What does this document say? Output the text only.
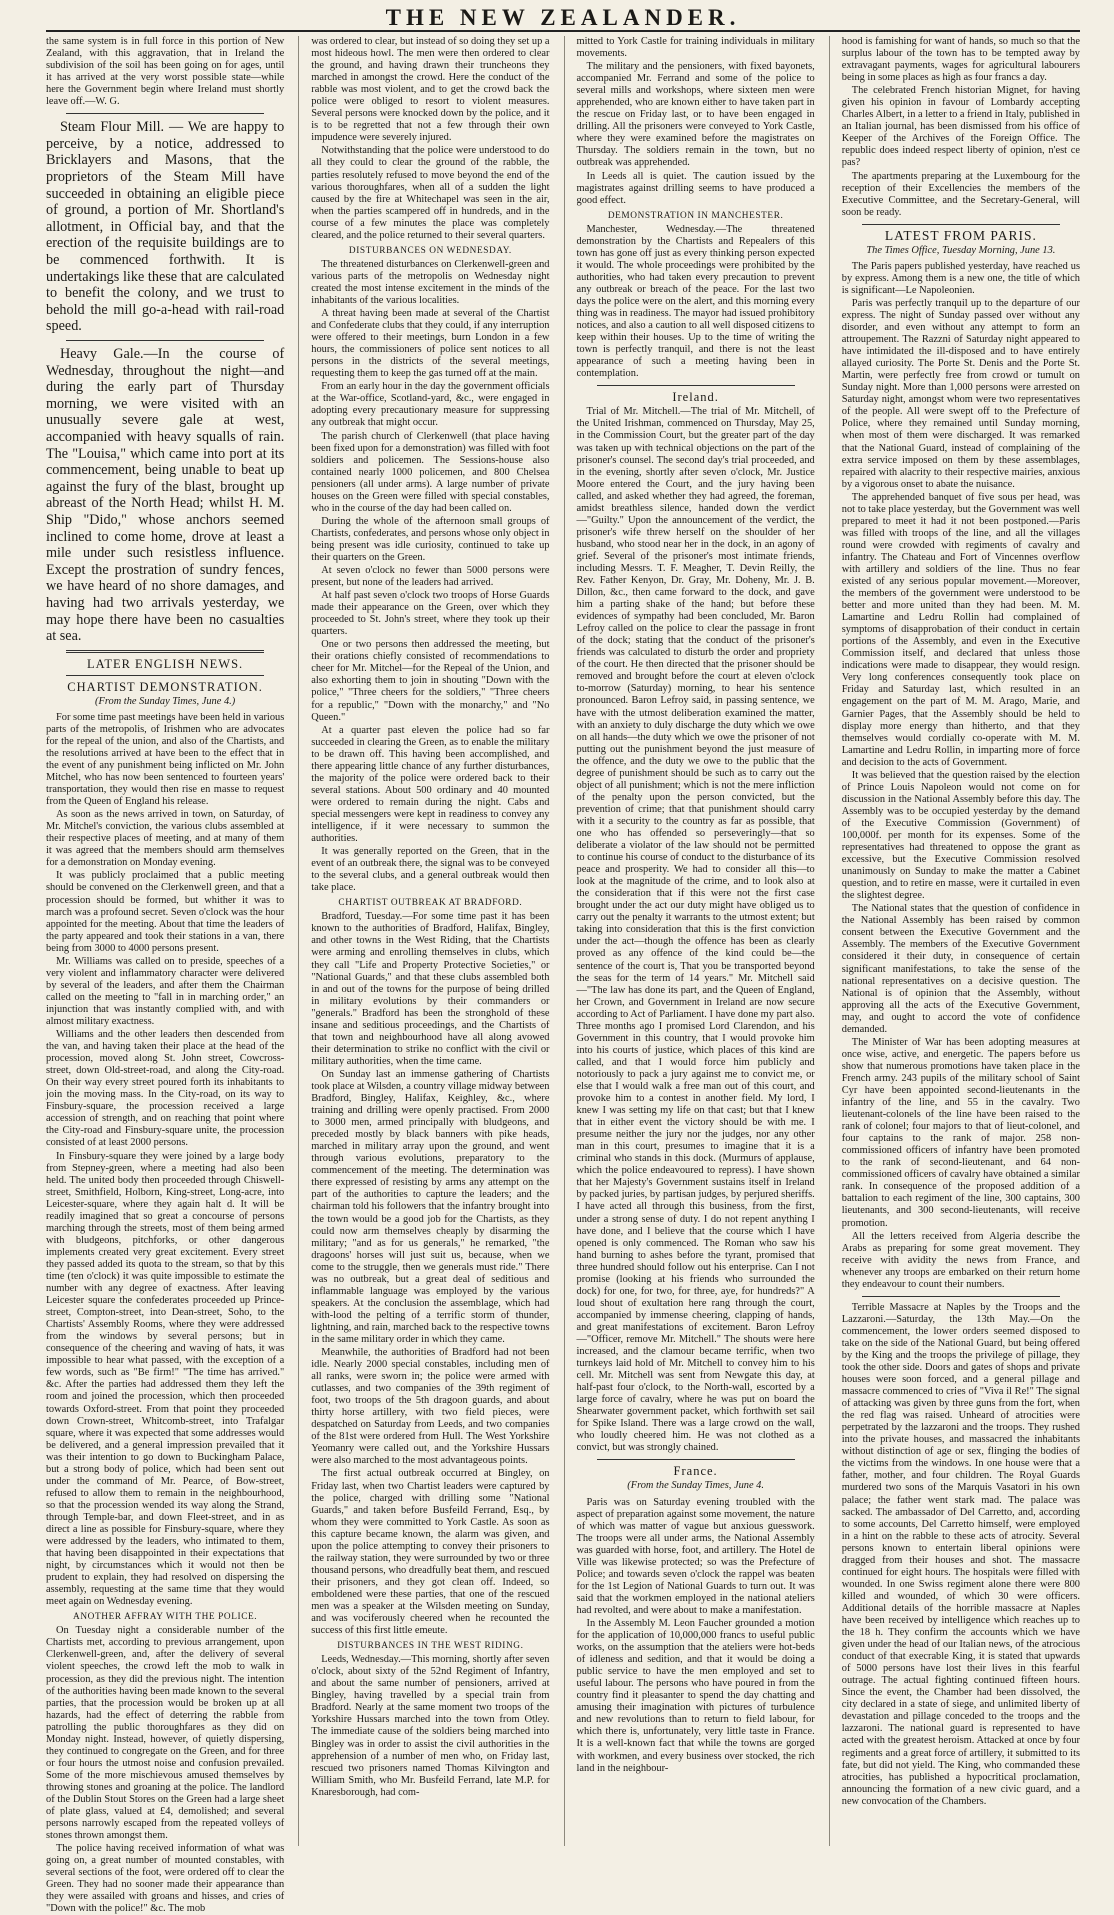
THE NEW ZEALANDER.

the same system is in full force in this portion of New Zealand, with this aggravation, that in Ireland the subdivision of the soil has been going on for ages, until it has arrived at the very worst possible state—while here the Government begin where Ireland must shortly leave off.—W. G.

Steam Flour Mill. — We are happy to perceive, by a notice, addressed to Bricklayers and Masons, that the proprietors of the Steam Mill have succeeded in obtaining an eligible piece of ground, a portion of Mr. Shortland's allotment, in Official bay, and that the erection of the requisite buildings are to be commenced forthwith. It is undertakings like these that are calculated to benefit the colony, and we trust to behold the mill go-a-head with rail-road speed.

Heavy Gale.—In the course of Wednesday, throughout the night—and during the early part of Thursday morning, we were visited with an unusually severe gale at west, accompanied with heavy squalls of rain. The "Louisa," which came into port at its commencement, being unable to beat up against the fury of the blast, brought up abreast of the North Head; whilst H. M. Ship "Dido," whose anchors seemed inclined to come home, drove at least a mile under such resistless influence. Except the prostration of sundry fences, we have heard of no shore damages, and having had two arrivals yesterday, we may hope there have been no casualties at sea.

LATER ENGLISH NEWS.
CHARTIST DEMONSTRATION.
(From the Sunday Times, June 4.)

For some time past meetings have been held in various parts of the metropolis, of Irishmen who are advocates for the repeal of the union, and also of the Chartists, and the resolutions arrived at have been to the effect that in the event of any punishment being inflicted on Mr. John Mitchel, who has now been sentenced to fourteen years' transportation, they would then rise en masse to request from the Queen of England his release.

As soon as the news arrived in town, on Saturday, of Mr. Mitchel's conviction, the various clubs assembled at their respective places of meeting, and at many of them it was agreed that the members should arm themselves for a demonstration on Monday evening.

It was publicly proclaimed that a public meeting should be convened on the Clerkenwell green, and that a procession should be formed, but whither it was to march was a profound secret. Seven o'clock was the hour appointed for the meeting. About that time the leaders of the party appeared and took their stations in a van, there being from 3000 to 4000 persons present.

Mr. Williams was called on to preside, speeches of a very violent and inflammatory character were delivered by several of the leaders, and after them the Chairman called on the meeting to "fall in in marching order," an injunction that was instantly complied with, and with almost military exactness.

Williams and the other leaders then descended from the van, and having taken their place at the head of the procession, moved along St. John street, Cowcross-street, down Old-street-road, and along the City-road. On their way every street poured forth its inhabitants to join the moving mass. In the City-road, on its way to Finsbury-square, the procession received a large accession of strength, and on reaching that point where the City-road and Finsbury-square unite, the procession consisted of at least 2000 persons.

In Finsbury-square they were joined by a large body from Stepney-green, where a meeting had also been held. The united body then proceeded through Chiswell-street, Smithfield, Holborn, King-street, Long-acre, into Leicester-square, where they again halt d. It will be readily imagined that so great a concourse of persons marching through the streets, most of them being armed with bludgeons, pitchforks, or other dangerous implements created very great excitement. Every street they passed added its quota to the stream, so that by this time (ten o'clock) it was quite impossible to estimate the number with any degree of exactness. After leaving Leicester square the confederates proceeded up Prince-street, Compton-street, into Dean-street, Soho, to the Chartists' Assembly Rooms, where they were addressed from the windows by several persons; but in consequence of the cheering and waving of hats, it was impossible to hear what passed, with the exception of a few words, such as "Be firm!" "The time has arrived." &c. After the parties had addressed them they left the room and joined the procession, which then proceeded towards Oxford-street. From that point they proceeded down Crown-street, Whitcomb-street, into Trafalgar square, where it was expected that some addresses would be delivered, and a general impression prevailed that it was their intention to go down to Buckingham Palace, but a strong body of police, which had been sent out under the command of Mr. Pearce, of Bow-street, refused to allow them to remain in the neighbourhood, so that the procession wended its way along the Strand, through Temple-bar, and down Fleet-street, and in as direct a line as possible for Finsbury-square, where they were addressed by the leaders, who intimated to them, that having been disappointed in their expectations that night, by circumstances which it would not then be prudent to explain, they had resolved on dispersing the assembly, requesting at the same time that they would meet again on Wednesday evening.

ANOTHER AFFRAY WITH THE POLICE.

On Tuesday night a considerable number of the Chartists met, according to previous arrangement, upon Clerkenwell-green, and, after the delivery of several violent speeches, the crowd left the mob to walk in procession, as they did the previous night. The intention of the authorities having been made known to the several parties, that the procession would be broken up at all hazards, had the effect of deterring the rabble from patrolling the public thoroughfares as they did on Monday night. Instead, however, of quietly dispersing, they continued to congregate on the Green, and for three or four hours the utmost noise and confusion prevailed. Some of the more mischievous amused themselves by throwing stones and groaning at the police. The landlord of the Dublin Stout Stores on the Green had a large sheet of plate glass, valued at £4, demolished; and several persons narrowly escaped from the repeated volleys of stones thrown amongst them.

The police having received information of what was going on, a great number of mounted constables, with several sections of the foot, were ordered off to clear the Green. They had no sooner made their appearance than they were assailed with groans and hisses, and cries of "Down with the police!" &c. The mob

was ordered to clear, but instead of so doing they set up a most hideous howl. The men were then ordered to clear the ground, and having drawn their truncheons they marched in amongst the crowd. Here the conduct of the rabble was most violent, and to get the crowd back the police were obliged to resort to violent measures. Several persons were knocked down by the police, and it is to be regretted that not a few through their own impudence were severely injured.

Notwithstanding that the police were understood to do all they could to clear the ground of the rabble, the parties resolutely refused to move beyond the end of the various thoroughfares, when all of a sudden the light caused by the fire at Whitechapel was seen in the air, when the parties scampered off in hundreds, and in the course of a few minutes the place was completely cleared, and the police returned to their several quarters.

DISTURBANCES ON WEDNESDAY.

The threatened disturbances on Clerkenwell-green and various parts of the metropolis on Wednesday night created the most intense excitement in the minds of the inhabitants of the various localities.

A threat having been made at several of the Chartist and Confederate clubs that they could, if any interruption were offered to their meetings, burn London in a few hours, the commissioners of police sent notices to all persons in the districts of the several meetings, requesting them to keep the gas turned off at the main.

From an early hour in the day the government officials at the War-office, Scotland-yard, &c., were engaged in adopting every precautionary measure for suppressing any outbreak that might occur.

The parish church of Clerkenwell (that place having been fixed upon for a demonstration) was filled with foot soldiers and policemen. The Sessions-house also contained nearly 1000 policemen, and 800 Chelsea pensioners (all under arms). A large number of private houses on the Green were filled with special constables, who in the course of the day had been called on.

During the whole of the afternoon small groups of Chartists, confederates, and persons whose only object in being present was idle curiosity, continued to take up their quarters on the Green.

At seven o'clock no fewer than 5000 persons were present, but none of the leaders had arrived.

At half past seven o'clock two troops of Horse Guards made their appearance on the Green, over which they proceeded to St. John's street, where they took up their quarters.

One or two persons then addressed the meeting, but their orations chiefly consisted of recommendations to cheer for Mr. Mitchel—for the Repeal of the Union, and also exhorting them to join in shouting "Down with the police," "Three cheers for the soldiers," "Three cheers for a republic," "Down with the monarchy," and "No Queen."

At a quarter past eleven the police had so far succeeded in clearing the Green, as to enable the military to be drawn off. This having been accomplished, and there appearing little chance of any further disturbances, the majority of the police were ordered back to their several stations. About 500 ordinary and 40 mounted were ordered to remain during the night. Cabs and special messengers were kept in readiness to convey any intelligence, if it were necessary to summon the authorities.

It was generally reported on the Green, that in the event of an outbreak there, the signal was to be conveyed to the several clubs, and a general outbreak would then take place.

CHARTIST OUTBREAK AT BRADFORD.

Bradford, Tuesday.—For some time past it has been known to the authorities of Bradford, Halifax, Bingley, and other towns in the West Riding, that the Chartists were arming and enrolling themselves in clubs, which they call "Life and Property Protective Societies," or "National Guards," and that these clubs assembled both in and out of the towns for the purpose of being drilled in military evolutions by their commanders or "generals." Bradford has been the stronghold of these insane and seditious proceedings, and the Chartists of that town and neighbourhood have all along avowed their determination to strike no conflict with the civil or military authorities, when the time came.

On Sunday last an immense gathering of Chartists took place at Wilsden, a country village midway between Bradford, Bingley, Halifax, Keighley, &c., where training and drilling were openly practised. From 2000 to 3000 men, armed principally with bludgeons, and preceded mostly by black banners with pike heads, marched in military array upon the ground, and went through various evolutions, preparatory to the commencement of the meeting. The determination was there expressed of resisting by arms any attempt on the part of the authorities to capture the leaders; and the chairman told his followers that the infantry brought into the town would be a good job for the Chartists, as they could now arm themselves cheaply by disarming the military; "and as for us generals," he remarked, "the dragoons' horses will just suit us, because, when we come to the struggle, then we generals must ride." There was no outbreak, but a great deal of seditious and inflammable language was employed by the various speakers. At the conclusion the assemblage, which had with-lood the pelting of a terrific storm of thunder, lightning, and rain, marched back to the respective towns in the same military order in which they came.

Meanwhile, the authorities of Bradford had not been idle. Nearly 2000 special constables, including men of all ranks, were sworn in; the police were armed with cutlasses, and two companies of the 39th regiment of foot, two troops of the 5th dragoon guards, and about thirty horse artillery, with two field pieces, were despatched on Saturday from Leeds, and two companies of the 81st were ordered from Hull. The West Yorkshire Yeomanry were called out, and the Yorkshire Hussars were also marched to the most advantageous points.

The first actual outbreak occurred at Bingley, on Friday last, when two Chartist leaders were captured by the police, charged with drilling some "National Guards," and taken before Busfeild Ferrand, Esq., by whom they were committed to York Castle. As soon as this capture became known, the alarm was given, and upon the police attempting to convey their prisoners to the railway station, they were surrounded by two or three thousand persons, who dreadfully beat them, and rescued their prisoners, and they got clean off. Indeed, so emboldened were these parties, that one of the rescued men was a speaker at the Wilsden meeting on Sunday, and was vociferously cheered when he recounted the success of this first little emeute.

DISTURBANCES IN THE WEST RIDING.

Leeds, Wednesday.—This morning, shortly after seven o'clock, about sixty of the 52nd Regiment of Infantry, and about the same number of pensioners, arrived at Bingley, having travelled by a special train from Bradford. Nearly at the same moment two troops of the Yorkshire Hussars marched into the town from Otley. The immediate cause of the soldiers being marched into Bingley was in order to assist the civil authorities in the apprehension of a number of men who, on Friday last, rescued two prisoners named Thomas Kilvington and William Smith, who Mr. Busfeild Ferrand, late M.P. for Knaresborough, had com-

mitted to York Castle for training individuals in military movements.

The military and the pensioners, with fixed bayonets, accompanied Mr. Ferrand and some of the police to several mills and workshops, where sixteen men were apprehended, who are known either to have taken part in the rescue on Friday last, or to have been engaged in drilling. All the prisoners were conveyed to York Castle, where they were examined before the magistrates on Thursday. The soldiers remain in the town, but no outbreak was apprehended.

In Leeds all is quiet. The caution issued by the magistrates against drilling seems to have produced a good effect.

DEMONSTRATION IN MANCHESTER.

Manchester, Wednesday.—The threatened demonstration by the Chartists and Repealers of this town has gone off just as every thinking person expected it would. The whole proceedings were prohibited by the authorities, who had taken every precaution to prevent any outbreak or breach of the peace. For the last two days the police were on the alert, and this morning every thing was in readiness. The mayor had issued prohibitory notices, and also a caution to all well disposed citizens to keep within their houses. Up to the time of writing the town is perfectly tranquil, and there is not the least appearance of such a meeting having been in contemplation.

Ireland.

Trial of Mr. Mitchell.—The trial of Mr. Mitchell, of the United Irishman, commenced on Thursday, May 25, in the Commission Court, but the greater part of the day was taken up with technical objections on the part of the prisoner's counsel. The second day's trial proceeded, and in the evening, shortly after seven o'clock, Mr. Justice Moore entered the Court, and the jury having been called, and asked whether they had agreed, the foreman, amidst breathless silence, handed down the verdict—"Guilty." Upon the announcement of the verdict, the prisoner's wife threw herself on the shoulder of her husband, who stood near her in the dock, in an agony of grief. Several of the prisoner's most intimate friends, including Messrs. T. F. Meagher, T. Devin Reilly, the Rev. Father Kenyon, Dr. Gray, Mr. Doheny, Mr. J. B. Dillon, &c., then came forward to the dock, and gave him a parting shake of the hand; but before these evidences of sympathy had been concluded, Mr. Baron Lefroy called on the police to clear the passage in front of the dock; stating that the conduct of the prisoner's friends was calculated to disturb the order and propriety of the court. He then directed that the prisoner should be removed and brought before the court at eleven o'clock to-morrow (Saturday) morning, to hear his sentence pronounced. Baron Lefroy said, in passing sentence, we have with the utmost deliberation examined the matter, with an anxiety to duly discharge the duty which we owe on all hands—the duty which we owe the prisoner of not putting out the punishment beyond the just measure of the offence, and the duty we owe to the public that the degree of punishment should be such as to carry out the object of all punishment; which is not the mere infliction of the penalty upon the person convicted, but the prevention of crime; that that punishment should carry with it a security to the country as far as possible, that one who has offended so perseveringly—that so deliberate a violator of the law should not be permitted to continue his course of conduct to the disturbance of its peace and prosperity. We had to consider all this—to look at the magnitude of the crime, and to look also at the consideration that if this were not the first case brought under the act our duty might have obliged us to carry out the penalty it warrants to the utmost extent; but taking into consideration that this is the first conviction under the act—though the offence has been as clearly proved as any offence of the kind could be—the sentence of the court is, That you be transported beyond the seas for the term of 14 years." Mr. Mitchell said—"The law has done its part, and the Queen of England, her Crown, and Government in Ireland are now secure according to Act of Parliament. I have done my part also. Three months ago I promised Lord Clarendon, and his Government in this country, that I would provoke him into his courts of justice, which places of this kind are called, and that I would force him publicly and notoriously to pack a jury against me to convict me, or else that I would walk a free man out of this court, and provoke him to a contest in another field. My lord, I knew I was setting my life on that cast; but that I knew that in either event the victory should be with me. I presume neither the jury nor the judges, nor any other man in this court, presumes to imagine that it is a criminal who stands in this dock. (Murmurs of applause, which the police endeavoured to repress). I have shown that her Majesty's Government sustains itself in Ireland by packed juries, by partisan judges, by perjured sheriffs. I have acted all through this business, from the first, under a strong sense of duty. I do not repent anything I have done, and I believe that the course which I have opened is only commenced. The Roman who saw his hand burning to ashes before the tyrant, promised that three hundred should follow out his enterprise. Can I not promise (looking at his friends who surrounded the dock) for one, for two, for three, aye, for hundreds?" A loud shout of exultation here rang through the court, accompanied by immense cheering, clapping of hands, and great manifestations of excitement. Baron Lefroy—"Officer, remove Mr. Mitchell." The shouts were here increased, and the clamour became terrific, when two turnkeys laid hold of Mr. Mitchell to convey him to his cell. Mr. Mitchell was sent from Newgate this day, at half-past four o'clock, to the North-wall, escorted by a large force of cavalry, where he was put on board the Shearwater government packet, which forthwith set sail for Spike Island. There was a large crowd on the wall, who loudly cheered him. He was not clothed as a convict, but was strongly chained.

France.
(From the Sunday Times, June 4.

Paris was on Saturday evening troubled with the aspect of preparation against some movement, the nature of which was matter of vague but anxious guesswork. The troops were all under arms, the National Assembly was guarded with horse, foot, and artillery. The Hotel de Ville was likewise protected; so was the Prefecture of Police; and towards seven o'clock the rappel was beaten for the 1st Legion of National Guards to turn out. It was said that the workmen employed in the national ateliers had revolted, and were about to make a manifestation.

In the Assembly M. Leon Faucher grounded a motion for the application of 10,000,000 francs to useful public works, on the assumption that the ateliers were hot-beds of idleness and sedition, and that it would be doing a public service to have the men employed and set to useful labour. The persons who have poured in from the country find it pleasanter to spend the day chatting and amusing their imagination with pictures of turbulence and new revolutions than to return to field labour, for which there is, unfortunately, very little taste in France. It is a well-known fact that while the towns are gorged with workmen, and every business over stocked, the rich land in the neighbour-

hood is famishing for want of hands, so much so that the surplus labour of the town has to be tempted away by extravagant payments, wages for agricultural labourers being in some places as high as four francs a day.

The celebrated French historian Mignet, for having given his opinion in favour of Lombardy accepting Charles Albert, in a letter to a friend in Italy, published in an Italian journal, has been dismissed from his office of Keeper of the Archives of the Foreign Office. The republic does indeed respect liberty of opinion, n'est ce pas?

The apartments preparing at the Luxembourg for the reception of their Excellencies the members of the Executive Committee, and the Secretary-General, will soon be ready.

LATEST FROM PARIS.
The Times Office, Tuesday Morning, June 13.

The Paris papers published yesterday, have reached us by express. Among them is a new one, the title of which is significant—Le Napoleonien.

Paris was perfectly tranquil up to the departure of our express. The night of Sunday passed over without any disorder, and even without any attempt to form an attroupement. The Razzni of Saturday night appeared to have intimidated the ill-disposed and to have entirely allayed curiosity. The Porte St. Denis and the Porte St. Martin, were perfectly free from crowd or tumult on Sunday night. More than 1,000 persons were arrested on Saturday night, amongst whom were two representatives of the people. All were swept off to the Prefecture of Police, where they remained until Sunday morning, when most of them were discharged. It was remarked that the National Guard, instead of complaining of the extra service imposed on them by these assemblages, repaired with alacrity to their respective mairies, anxious by a vigorous onset to abate the nuisance.

The apprehended banquet of five sous per head, was not to take place yesterday, but the Government was well prepared to meet it had it not been postponed.—Paris was filled with troops of the line, and all the villages round were crowded with regiments of cavalry and infantry. The Chateau and Fort of Vincennes overflow with artillery and soldiers of the line. Thus no fear existed of any serious popular movement.—Moreover, the members of the government were understood to be better and more united than they had been. M. M. Lamartine and Ledru Rollin had complained of symptoms of disapprobation of their conduct in certain portions of the Assembly, and even in the Executive Commission itself, and declared that unless those indications were made to disappear, they would resign. Very long conferences consequently took place on Friday and Saturday last, which resulted in an engagement on the part of M. M. Arago, Marie, and Garnier Pages, that the Assembly should be held to display more energy than hitherto, and that they themselves would cordially co-operate with M. M. Lamartine and Ledru Rollin, in imparting more of force and decision to the acts of Government.

It was believed that the question raised by the election of Prince Louis Napoleon would not come on for discussion in the National Assembly before this day. The Assembly was to be occupied yesterday by the demand of the Executive Commission (Government) of 100,000f. per month for its expenses. Some of the representatives had threatened to oppose the grant as excessive, but the Executive Commission resolved unanimously on Sunday to make the matter a Cabinet question, and to retire en masse, were it curtailed in even the slightest degree.

The National states that the question of confidence in the National Assembly has been raised by common consent between the Executive Government and the Assembly. The members of the Executive Government considered it their duty, in consequence of certain significant manifestations, to take the sense of the national representatives on a decisive question. The National is of opinion that the Assembly, without approving all the acts of the Executive Government, may, and ought to accord the vote of confidence demanded.

The Minister of War has been adopting measures at once wise, active, and energetic. The papers before us show that numerous promotions have taken place in the French army. 243 pupils of the military school of Saint Cyr have been appointed second-lieutenants in the infantry of the line, and 55 in the cavalry. Two lieutenant-colonels of the line have been raised to the rank of colonel; four majors to that of lieut-colonel, and four captains to the rank of major. 258 non-commissioned officers of infantry have been promoted to the rank of second-lieutenant, and 64 non-commissioned officers of cavalry have obtained a similar rank. In consequence of the proposed addition of a battalion to each regiment of the line, 300 captains, 300 lieutenants, and 300 second-lieutenants, will receive promotion.

All the letters received from Algeria describe the Arabs as preparing for some great movement. They receive with avidity the news from France, and whenever any troops are embarked on their return home they endeavour to count their numbers.

Terrible Massacre at Naples by the Troops and the Lazzaroni.—Saturday, the 13th May.—On the commencement, the lower orders seemed disposed to take on the side of the National Guard, but being offered by the King and the troops the privilege of pillage, they took the other side. Doors and gates of shops and private houses were soon forced, and a general pillage and massacre commenced to cries of "Viva il Re!" The signal of attacking was given by three guns from the fort, when the red flag was raised. Unheard of atrocities were perpetrated by the lazzaroni and the troops. They rushed into the private houses, and massacred the inhabitants without distinction of age or sex, flinging the bodies of the victims from the windows. In one house were that a father, mother, and four children. The Royal Guards murdered two sons of the Marquis Vasatori in his own palace; the father went stark mad. The palace was sacked. The ambassador of Del Carretto, and, according to some accounts, Del Carretto himself, were employed in a hint on the rabble to these acts of atrocity. Several persons known to entertain liberal opinions were dragged from their houses and shot. The massacre continued for eight hours. The hospitals were filled with wounded. In one Swiss regiment alone there were 800 killed and wounded, of which 30 were officers. Additional details of the horrible massacre at Naples have been received by intelligence which reaches up to the 18 h. They confirm the accounts which we have given under the head of our Italian news, of the atrocious conduct of that execrable King, it is stated that upwards of 5000 persons have lost their lives in this fearful outrage. The actual fighting continued fifteen hours. Since the event, the Chamber had been dissolved, the city declared in a state of siege, and unlimited liberty of devastation and pillage conceded to the troops and the lazzaroni. The national guard is represented to have acted with the greatest heroism. Attacked at once by four regiments and a great force of artillery, it submitted to its fate, but did not yield. The King, who commanded these atrocities, has published a hypocritical proclamation, announcing the formation of a new civic guard, and a new convocation of the Chambers.
